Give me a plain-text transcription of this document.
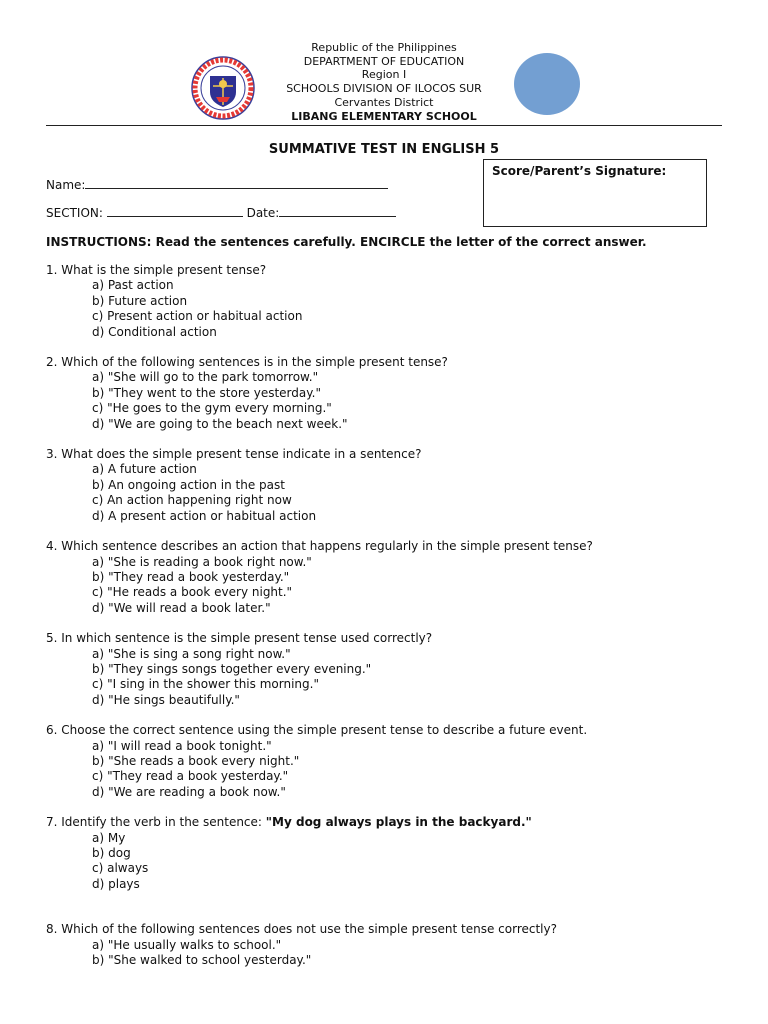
Republic of the Philippines
DEPARTMENT OF EDUCATION
Region I
SCHOOLS DIVISION OF ILOCOS SUR
Cervantes District
LIBANG ELEMENTARY SCHOOL
SUMMATIVE TEST IN ENGLISH 5
Score/Parent’s Signature:
Name:
SECTION:	Date:
INSTRUCTIONS: Read the sentences carefully. ENCIRCLE the letter of the correct answer.
1. What is the simple present tense?
a) Past action
b) Future action
c) Present action or habitual action
d) Conditional action
2. Which of the following sentences is in the simple present tense?
a) "She will go to the park tomorrow."
b) "They went to the store yesterday."
c) "He goes to the gym every morning."
d) "We are going to the beach next week."
3. What does the simple present tense indicate in a sentence?
a) A future action
b) An ongoing action in the past
c) An action happening right now
d) A present action or habitual action
4. Which sentence describes an action that happens regularly in the simple present tense?
a) "She is reading a book right now."
b) "They read a book yesterday."
c) "He reads a book every night."
d) "We will read a book later."
5. In which sentence is the simple present tense used correctly?
a) "She is sing a song right now."
b) "They sings songs together every evening."
c) "I sing in the shower this morning."
d) "He sings beautifully."
6. Choose the correct sentence using the simple present tense to describe a future event.
a) "I will read a book tonight."
b) "She reads a book every night."
c) "They read a book yesterday."
d) "We are reading a book now."
7. Identify the verb in the sentence: "My dog always plays in the backyard."
a) My
b) dog
c) always
d) plays
8. Which of the following sentences does not use the simple present tense correctly?
a) "He usually walks to school."
b) "She walked to school yesterday."
